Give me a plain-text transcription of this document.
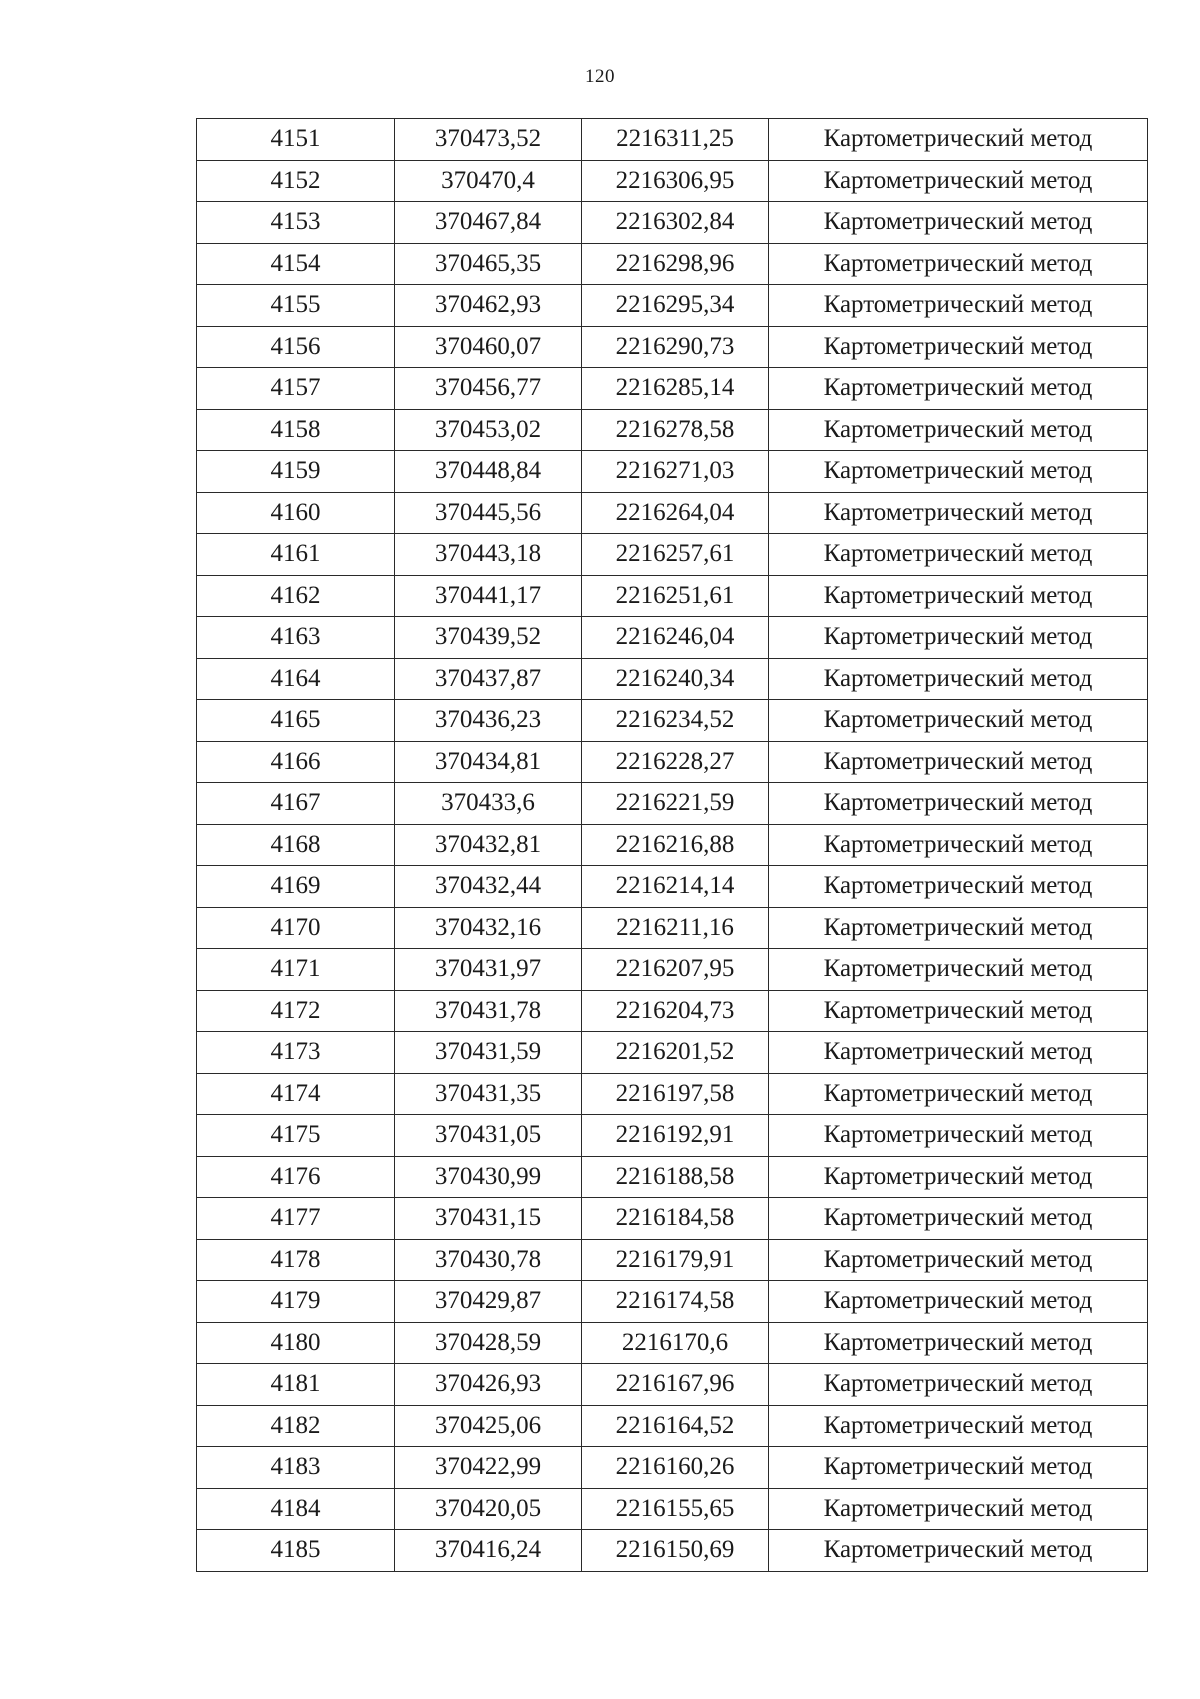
120
4151	370473,52	2216311,25	Картометрический метод
4152	370470,4	2216306,95	Картометрический метод
4153	370467,84	2216302,84	Картометрический метод
4154	370465,35	2216298,96	Картометрический метод
4155	370462,93	2216295,34	Картометрический метод
4156	370460,07	2216290,73	Картометрический метод
4157	370456,77	2216285,14	Картометрический метод
4158	370453,02	2216278,58	Картометрический метод
4159	370448,84	2216271,03	Картометрический метод
4160	370445,56	2216264,04	Картометрический метод
4161	370443,18	2216257,61	Картометрический метод
4162	370441,17	2216251,61	Картометрический метод
4163	370439,52	2216246,04	Картометрический метод
4164	370437,87	2216240,34	Картометрический метод
4165	370436,23	2216234,52	Картометрический метод
4166	370434,81	2216228,27	Картометрический метод
4167	370433,6	2216221,59	Картометрический метод
4168	370432,81	2216216,88	Картометрический метод
4169	370432,44	2216214,14	Картометрический метод
4170	370432,16	2216211,16	Картометрический метод
4171	370431,97	2216207,95	Картометрический метод
4172	370431,78	2216204,73	Картометрический метод
4173	370431,59	2216201,52	Картометрический метод
4174	370431,35	2216197,58	Картометрический метод
4175	370431,05	2216192,91	Картометрический метод
4176	370430,99	2216188,58	Картометрический метод
4177	370431,15	2216184,58	Картометрический метод
4178	370430,78	2216179,91	Картометрический метод
4179	370429,87	2216174,58	Картометрический метод
4180	370428,59	2216170,6	Картометрический метод
4181	370426,93	2216167,96	Картометрический метод
4182	370425,06	2216164,52	Картометрический метод
4183	370422,99	2216160,26	Картометрический метод
4184	370420,05	2216155,65	Картометрический метод
4185	370416,24	2216150,69	Картометрический метод
